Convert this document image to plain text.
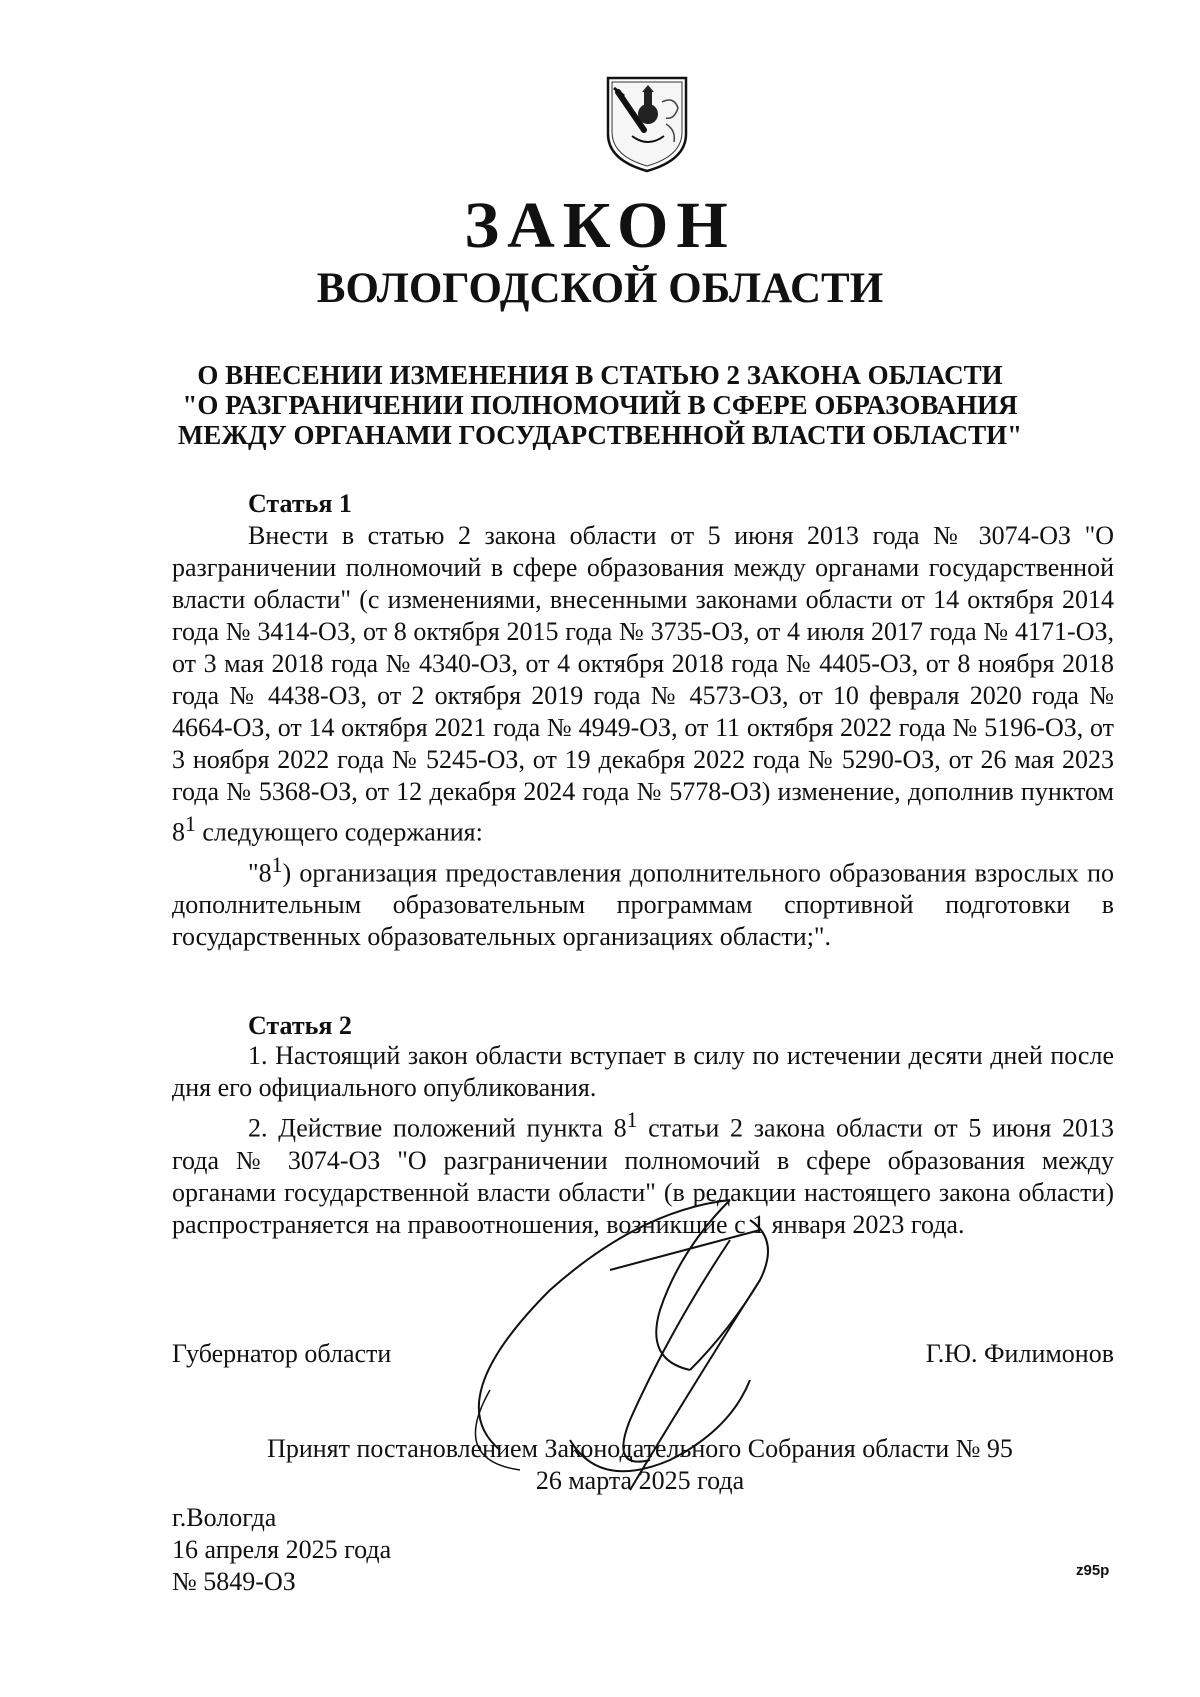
ЗАКОН
ВОЛОГОДСКОЙ ОБЛАСТИ
О ВНЕСЕНИИ ИЗМЕНЕНИЯ В СТАТЬЮ 2 ЗАКОНА ОБЛАСТИ
"О РАЗГРАНИЧЕНИИ ПОЛНОМОЧИЙ В СФЕРЕ ОБРАЗОВАНИЯ
МЕЖДУ ОРГАНАМИ ГОСУДАРСТВЕННОЙ ВЛАСТИ ОБЛАСТИ"
Статья 1

Внести в статью 2 закона области от 5 июня 2013 года № 3074-ОЗ "О разграничении полномочий в сфере образования между органами государственной власти области" (с изменениями, внесенными законами области от 14 октября 2014 года № 3414-ОЗ, от 8 октября 2015 года № 3735-ОЗ, от 4 июля 2017 года № 4171-ОЗ, от 3 мая 2018 года № 4340-ОЗ, от 4 октября 2018 года № 4405-ОЗ, от 8 ноября 2018 года № 4438-ОЗ, от 2 октября 2019 года № 4573-ОЗ, от 10 февраля 2020 года № 4664-ОЗ, от 14 октября 2021 года № 4949-ОЗ, от 11 октября 2022 года № 5196-ОЗ, от 3 ноября 2022 года № 5245-ОЗ, от 19 декабря 2022 года № 5290-ОЗ, от 26 мая 2023 года № 5368-ОЗ, от 12 декабря 2024 года № 5778-ОЗ) изменение, дополнив пунктом $8^1$ следующего содержания:

"$8^1$) организация предоставления дополнительного образования взрослых по дополнительным образовательным программам спортивной подготовки в государственных образовательных организациях области;".

Статья 2

1. Настоящий закон области вступает в силу по истечении десяти дней после дня его официального опубликования.

2. Действие положений пункта $8^1$ статьи 2 закона области от 5 июня 2013 года № 3074-ОЗ "О разграничении полномочий в сфере образования между органами государственной власти области" (в редакции настоящего закона области) распространяется на правоотношения, возникшие с 1 января 2023 года.

Губернатор области	Г.Ю. Филимонов
Принят постановлением Законодательного Собрания области № 95
26 марта 2025 года
г.Вологда
16 апреля 2025 года
№ 5849-ОЗ	z95p
